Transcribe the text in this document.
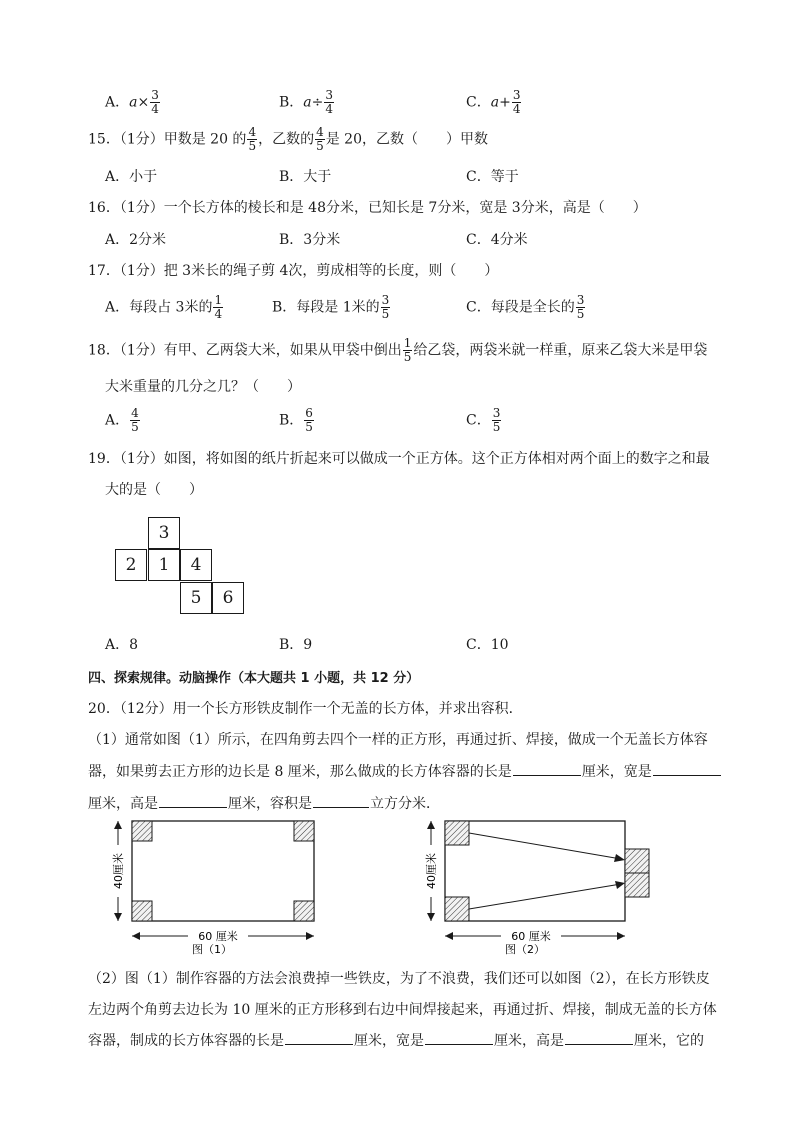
A．$a\times \frac{3}{4}$	B．$a\div \frac{3}{4}$	C．$a+ \frac{3}{4}$
15．（1分）甲数是 20 的 $\frac{4}{5}$ ，乙数的 $\frac{4}{5}$ 是 20，乙数（　　）甲数
A．小于	B．大于	C．等于
16．（1分）一个长方体的棱长和是 48分米，已知长是 7分米，宽是 3分米，高是（　　）
A．2分米	B．3分米	C．4分米
17．（1分）把 3米长的绳子剪 4次，剪成相等的长度，则（　　）
A．每段占 3米的 $\frac{1}{4}$	B．每段是 1米的 $\frac{3}{5}$	C．每段是全长的 $\frac{3}{5}$
18．（1分）有甲、乙两袋大米，如果从甲袋中倒出 $\frac{1}{5}$ 给乙袋，两袋米就一样重，原来乙袋大米是甲袋
大米重量的几分之几？（　　）
A． $\frac{4}{5}$	B． $\frac{6}{5}$	C． $\frac{3}{5}$
19．（1分）如图，将如图的纸片折起来可以做成一个正方体。这个正方体相对两个面上的数字之和最
大的是（　　）
3
2	1	4
5	6
A．8	B．9	C．10
四、探索规律。动脑操作（本大题共 1 小题，共 12 分）
20．（12分）用一个长方形铁皮制作一个无盖的长方体，并求出容积．
（1）通常如图（1）所示，在四角剪去四个一样的正方形，再通过折、焊接，做成一个无盖长方体容
器，如果剪去正方形的边长是 8 厘米，那么做成的长方体容器的长是	厘米，宽是
厘米，高是	厘米，容积是	立方分米．
40厘米
60 厘米
图（1）
40厘米
60 厘米
图（2）
（2）图（1）制作容器的方法会浪费掉一些铁皮，为了不浪费，我们还可以如图（2），在长方形铁皮
左边两个角剪去边长为 10 厘米的正方形移到右边中间焊接起来，再通过折、焊接，制成无盖的长方体
容器，制成的长方体容器的长是	厘米，宽是	厘米，高是	厘米，它的
